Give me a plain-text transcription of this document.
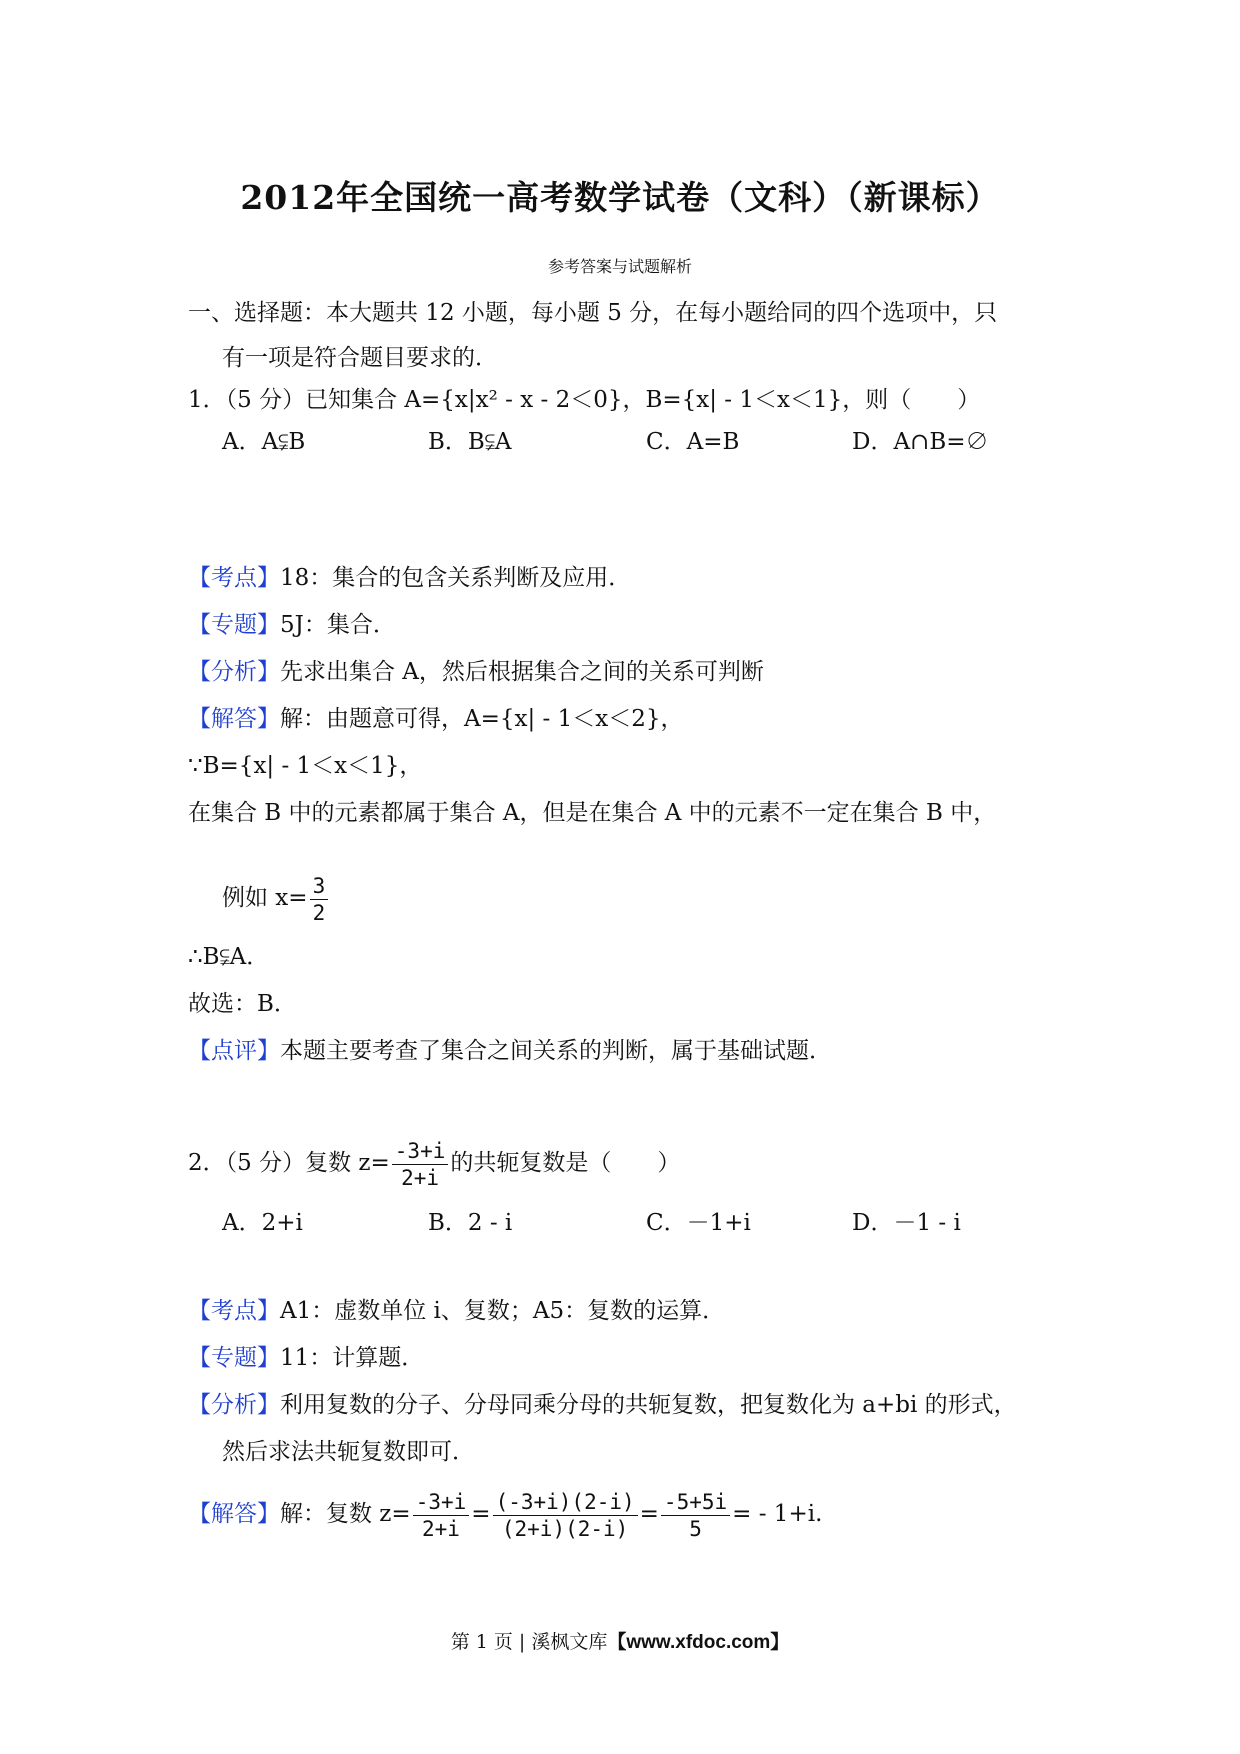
2012年全国统一高考数学试卷（文科）（新课标）
参考答案与试题解析
一、选择题：本大题共 12 小题，每小题 5 分，在每小题给同的四个选项中，只
有一项是符合题目要求的．
1．（5 分）已知集合 A={x|x² - x - 2＜0}，B={x| - 1＜x＜1}，则（　　）
A．A⫋B	B．B⫋A	C．A=B	D．A∩B=∅
【考点】18：集合的包含关系判断及应用．
【专题】5J：集合．
【分析】先求出集合 A，然后根据集合之间的关系可判断
【解答】解：由题意可得，A={x| - 1＜x＜2}，
∵B={x| - 1＜x＜1}，
在集合 B 中的元素都属于集合 A，但是在集合 A 中的元素不一定在集合 B 中，
例如 $x= \frac{3}{2}$
∴B⫋A．
故选：B．
【点评】本题主要考查了集合之间关系的判断，属于基础试题．
2．（5 分）复数 $z= \frac{-3+i}{2+i}$ 的共轭复数是（　　）
A．2+i	B．2 - i	C．－1+i	D．－1 - i
【考点】A1：虚数单位 i、复数；A5：复数的运算．
【专题】11：计算题．
【分析】利用复数的分子、分母同乘分母的共轭复数，把复数化为 a+bi 的形式，
然后求法共轭复数即可．
【解答】解：复数 $z= \frac{-3+i}{2+i} = \frac{(-3+i)(2-i)}{(2+i)(2-i)} = \frac{-5+5i}{5}$ = - 1+i.
第 1 页 | 溪枫文库【www.xfdoc.com】
